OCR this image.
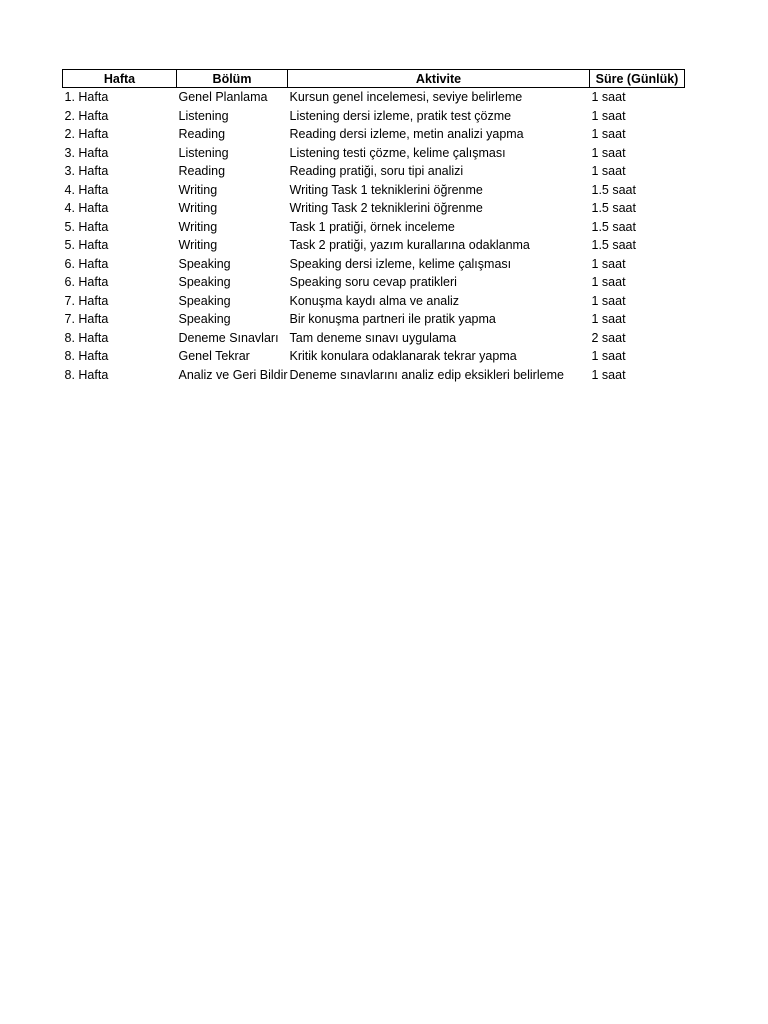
Hafta	Bölüm	Aktivite	Süre (Günlük)
1. Hafta	Genel Planlama	Kursun genel incelemesi, seviye belirleme	1 saat
2. Hafta	Listening	Listening dersi izleme, pratik test çözme	1 saat
2. Hafta	Reading	Reading dersi izleme, metin analizi yapma	1 saat
3. Hafta	Listening	Listening testi çözme, kelime çalışması	1 saat
3. Hafta	Reading	Reading pratiği, soru tipi analizi	1 saat
4. Hafta	Writing	Writing Task 1 tekniklerini öğrenme	1.5 saat
4. Hafta	Writing	Writing Task 2 tekniklerini öğrenme	1.5 saat
5. Hafta	Writing	Task 1 pratiği, örnek inceleme	1.5 saat
5. Hafta	Writing	Task 2 pratiği, yazım kurallarına odaklanma	1.5 saat
6. Hafta	Speaking	Speaking dersi izleme, kelime çalışması	1 saat
6. Hafta	Speaking	Speaking soru cevap pratikleri	1 saat
7. Hafta	Speaking	Konuşma kaydı alma ve analiz	1 saat
7. Hafta	Speaking	Bir konuşma partneri ile pratik yapma	1 saat
8. Hafta	Deneme Sınavları	Tam deneme sınavı uygulama	2 saat
8. Hafta	Genel Tekrar	Kritik konulara odaklanarak tekrar yapma	1 saat
8. Hafta	Analiz ve Geri Bildir	Deneme sınavlarını analiz edip eksikleri belirleme	1 saat
